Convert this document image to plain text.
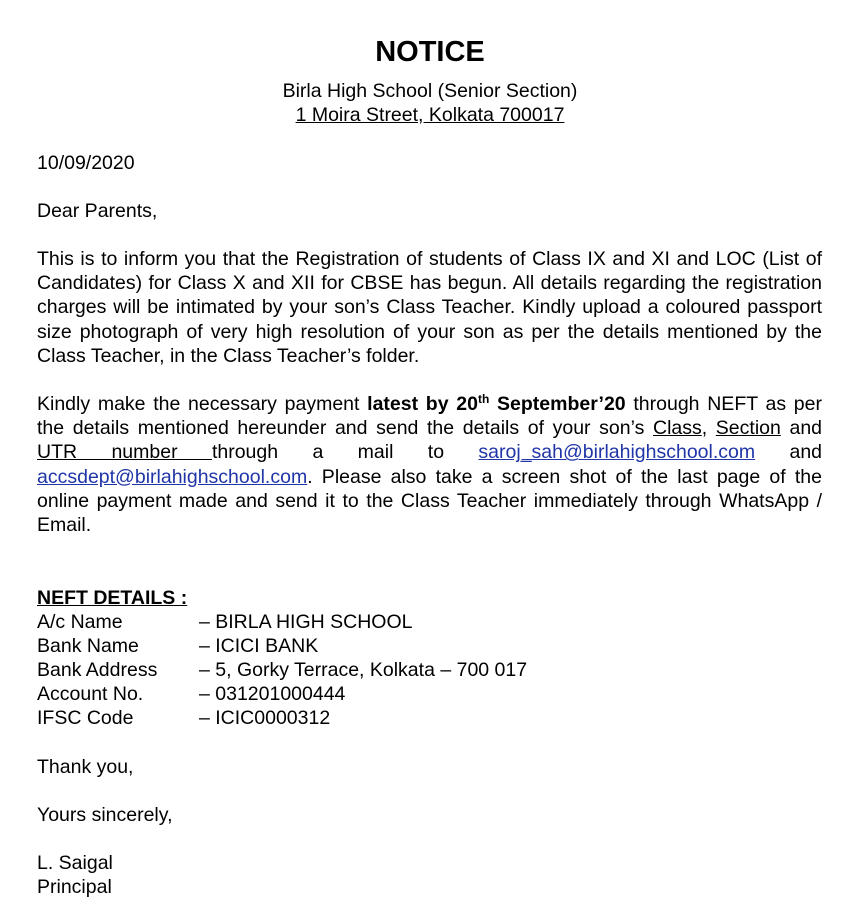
NOTICE
Birla High School (Senior Section)
1 Moira Street, Kolkata 700017
10/09/2020
Dear Parents,
This is to inform you that the Registration of students of Class IX and XI and LOC (List of Candidates) for Class X and XII for CBSE has begun. All details regarding the registration charges will be intimated by your son’s Class Teacher. Kindly upload a coloured passport size photograph of very high resolution of your son as per the details mentioned by the Class Teacher, in the Class Teacher’s folder.
Kindly make the necessary payment latest by 20th September’20 through NEFT as per the details mentioned hereunder and send the details of your son’s Class, Section and UTR number through a mail to saroj_sah@birlahighschool.com and accsdept@birlahighschool.com. Please also take a screen shot of the last page of the online payment made and send it to the Class Teacher immediately through WhatsApp / Email.
NEFT DETAILS :
A/c Name	– BIRLA HIGH SCHOOL
Bank Name	– ICICI BANK
Bank Address – 5, Gorky Terrace, Kolkata – 700 017
Account No.	– 031201000444
IFSC Code	– ICIC0000312
Thank you,
Yours sincerely,
L. Saigal
Principal
